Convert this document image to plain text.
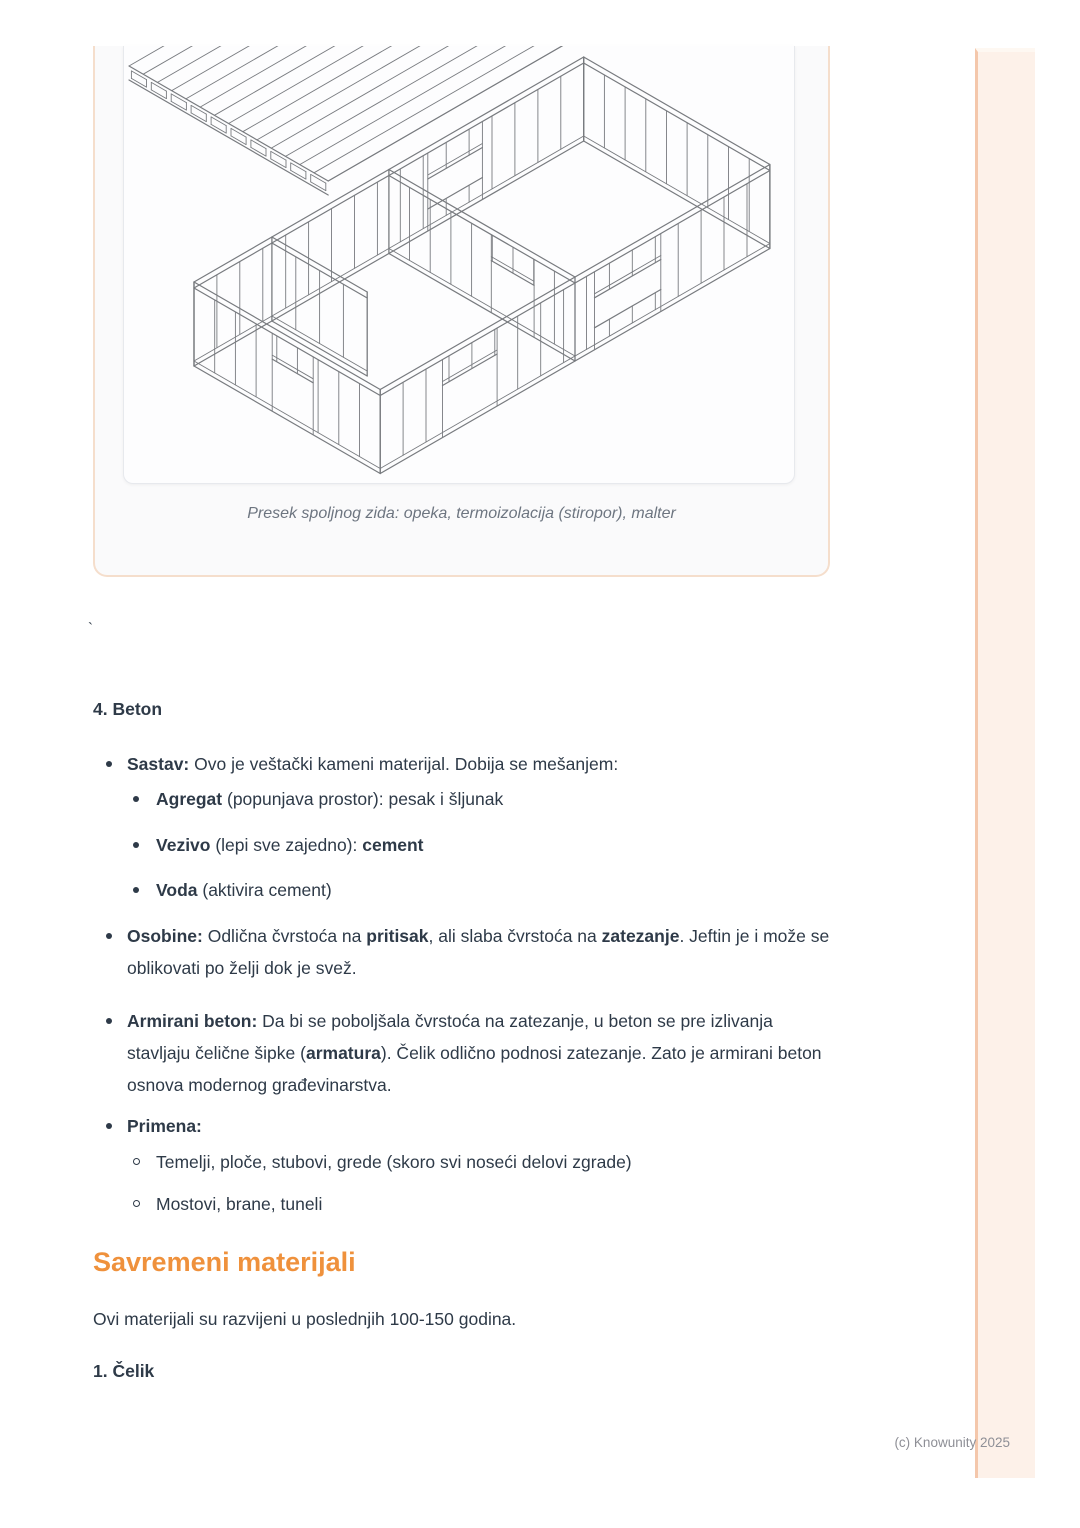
Presek spoljnog zida: opeka, termoizolacija (stiropor), malter
`
4. Beton
Sastav: Ovo je veštački kameni materijal. Dobija se mešanjem:
Agregat (popunjava prostor): pesak i šljunak
Vezivo (lepi sve zajedno): cement
Voda (aktivira cement)
Osobine: Odlična čvrstoća na pritisak, ali slaba čvrstoća na zatezanje. Jeftin je i može se oblikovati po želji dok je svež.
Armirani beton: Da bi se poboljšala čvrstoća na zatezanje, u beton se pre izlivanja stavljaju čelične šipke (armatura). Čelik odlično podnosi zatezanje. Zato je armirani beton osnova modernog građevinarstva.
Primena:
Temelji, ploče, stubovi, grede (skoro svi noseći delovi zgrade)
Mostovi, brane, tuneli
Savremeni materijali

Ovi materijali su razvijeni u poslednjih 100-150 godina.

1. Čelik
(c) Knowunity 2025
